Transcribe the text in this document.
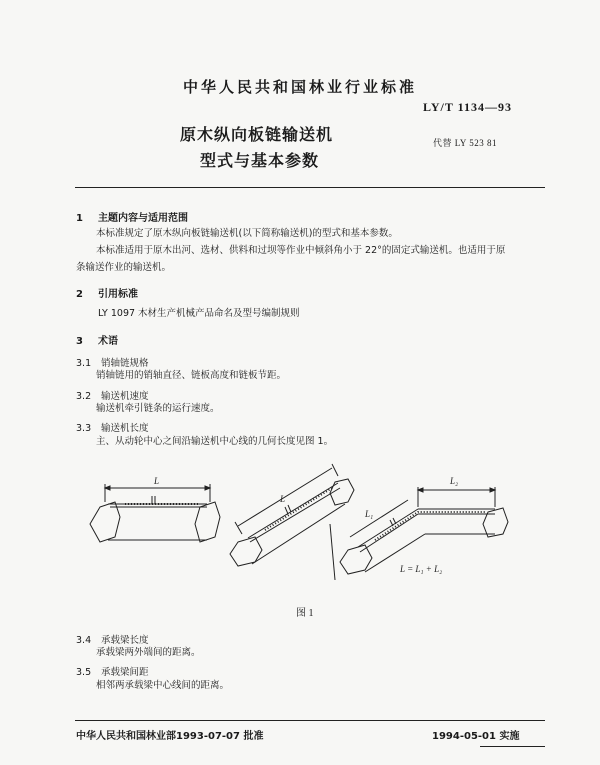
中华人民共和国林业行业标准
LY/T 1134—93
原木纵向板链输送机
型式与基本参数
代替 LY 523 81
1 主题内容与适用范围
本标准规定了原木纵向板链输送机(以下简称输送机)的型式和基本参数。
本标准适用于原木出河、选材、供料和过坝等作业中倾斜角小于 22°的固定式输送机。也适用于原
条输送作业的输送机。
2 引用标准
LY 1097 木材生产机械产品命名及型号编制规则
3 术语
3.1 销轴链规格
销轴链用的销轴直径、链板高度和链板节距。
3.2 输送机速度
输送机牵引链条的运行速度。
3.3 输送机长度
主、从动轮中心之间沿输送机中心线的几何长度见图 1。
L
L
L₂
L₁
L = L₁ + L₂
图 1
3.4 承载梁长度
承载梁两外端间的距离。
3.5 承载梁间距
相邻两承载梁中心线间的距离。
中华人民共和国林业部1993-07-07 批准	1994-05-01 实施
